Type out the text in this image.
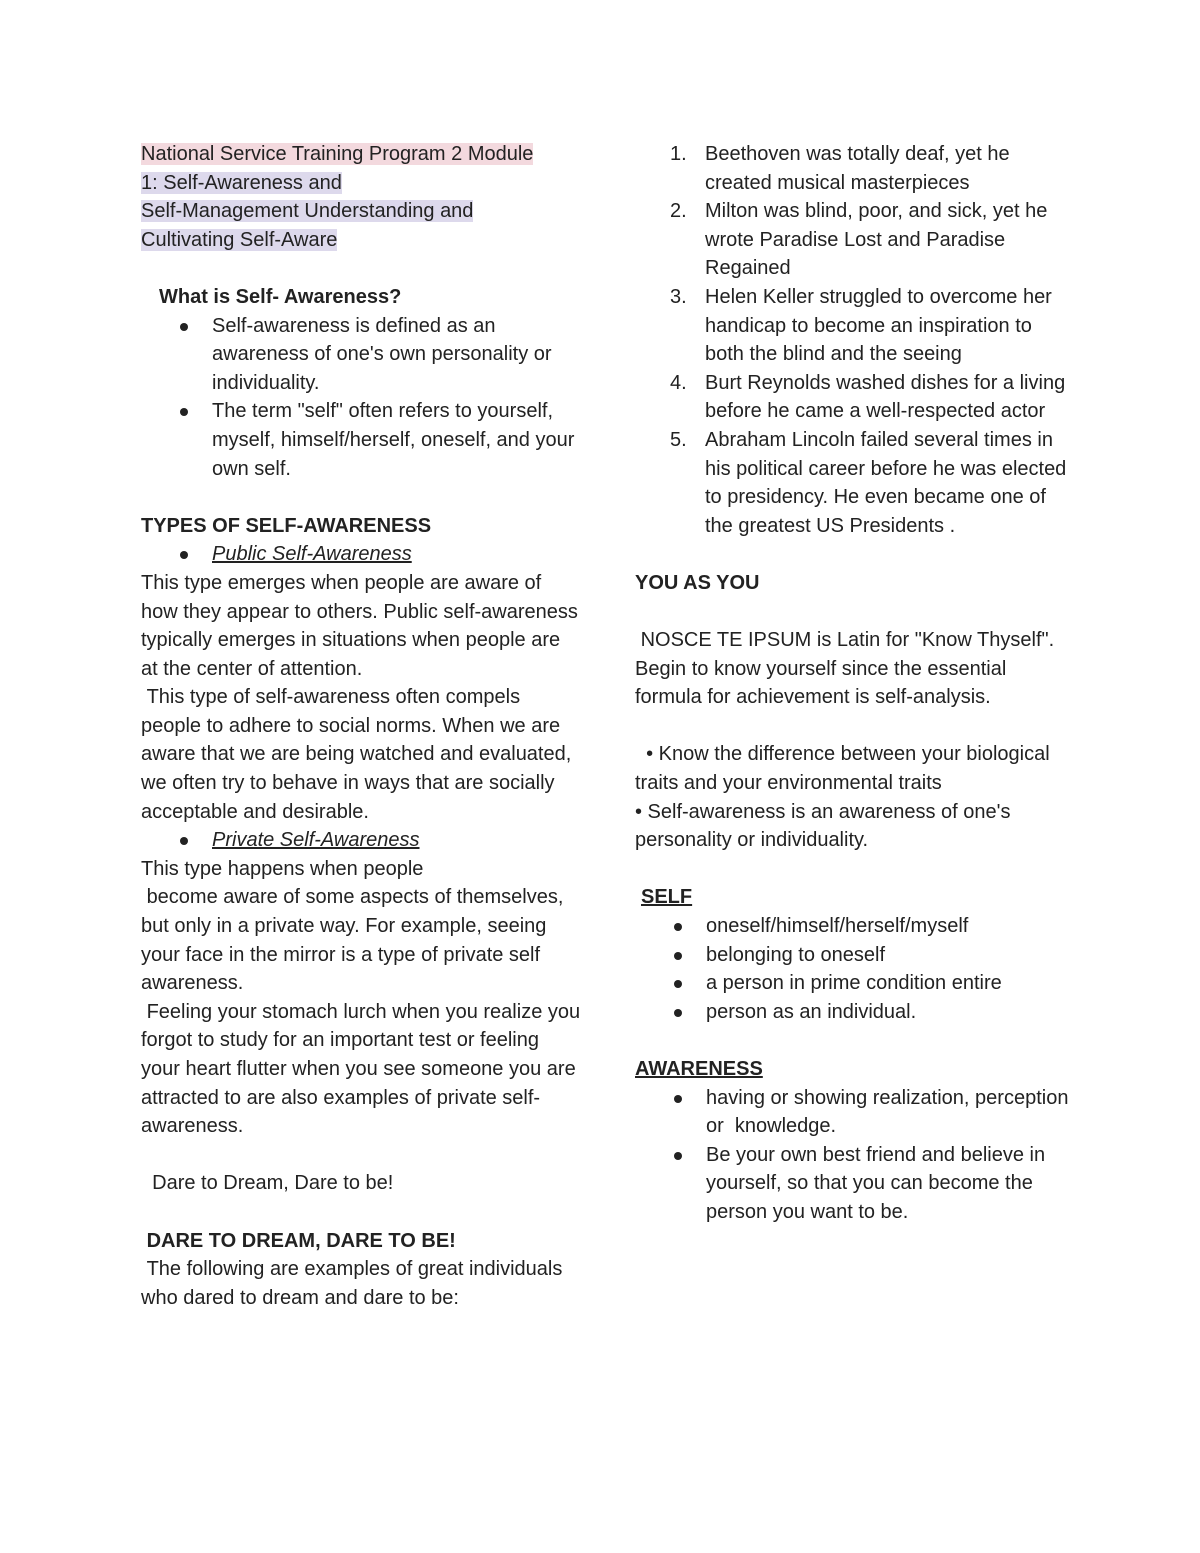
National Service Training Program 2 Module
1: Self-Awareness and
Self-Management Understanding and
Cultivating Self-Aware

What is Self- Awareness?

Self-awareness is defined as an awareness of one's own personality or individuality.
The term "self" often refers to yourself, myself, himself/herself, oneself, and your own self.

TYPES OF SELF-AWARENESS

Public Self-Awareness

This type emerges when people are aware of how they appear to others. Public self-awareness typically emerges in situations when people are at the center of attention.

This type of self-awareness often compels people to adhere to social norms. When we are aware that we are being watched and evaluated, we often try to behave in ways that are socially acceptable and desirable.

Private Self-Awareness

This type happens when people
become aware of some aspects of themselves, but only in a private way. For example, seeing your face in the mirror is a type of private self awareness.

Feeling your stomach lurch when you realize you forgot to study for an important test or feeling your heart flutter when you see someone you are attracted to are also examples of private self-awareness.

Dare to Dream, Dare to be!

DARE TO DREAM, DARE TO BE!

The following are examples of great individuals who dared to dream and dare to be:

1. Beethoven was totally deaf, yet he created musical masterpieces
2. Milton was blind, poor, and sick, yet he wrote Paradise Lost and Paradise Regained
3. Helen Keller struggled to overcome her handicap to become an inspiration to both the blind and the seeing
4. Burt Reynolds washed dishes for a living before he came a well-respected actor
5. Abraham Lincoln failed several times in his political career before he was elected to presidency. He even became one of the greatest US Presidents .

YOU AS YOU

NOSCE TE IPSUM is Latin for "Know Thyself". Begin to know yourself since the essential formula for achievement is self-analysis.

• Know the difference between your biological traits and your environmental traits

• Self-awareness is an awareness of one's personality or individuality.

SELF

oneself/himself/herself/myself
belonging to oneself
a person in prime condition entire
person as an individual.

AWARENESS

having or showing realization, perception or  knowledge.
Be your own best friend and believe in yourself, so that you can become the person you want to be.
